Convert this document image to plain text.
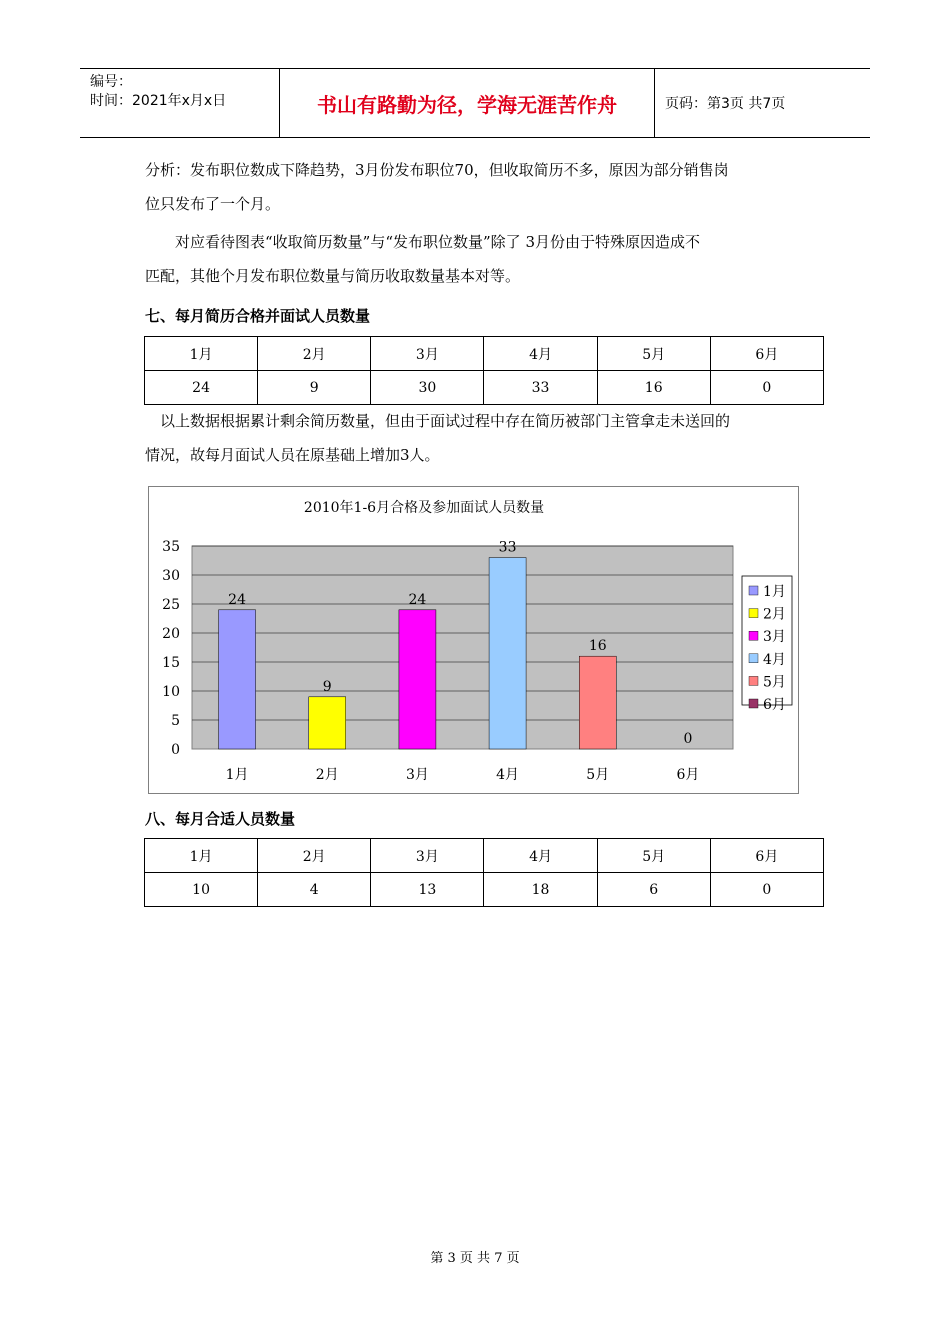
编号：
时间：2021年x月x日	书山有路勤为径，学海无涯苦作舟	页码：第3页 共7页
分析：发布职位数成下降趋势，3月份发布职位70，但收取简历不多，原因为部分销售岗
位只发布了一个月。
对应看待图表“收取简历数量”与“发布职位数量”除了 3月份由于特殊原因造成不
匹配，其他个月发布职位数量与简历收取数量基本对等。
七、每月简历合格并面试人员数量
1月	2月	3月	4月	5月	6月
24	9	30	33	16	0
以上数据根据累计剩余简历数量，但由于面试过程中存在简历被部门主管拿走未送回的
情况，故每月面试人员在原基础上增加3人。
2010年1-6月合格及参加面试人员数量
0
5
10
15
20
25
30
35
24
1月
9
2月
24
3月
33
4月
16
5月
0
6月
1月
2月
3月
4月
5月
6月
八、每月合适人员数量
1月	2月	3月	4月	5月	6月
10	4	13	18	6	0
第 3 页 共 7 页
